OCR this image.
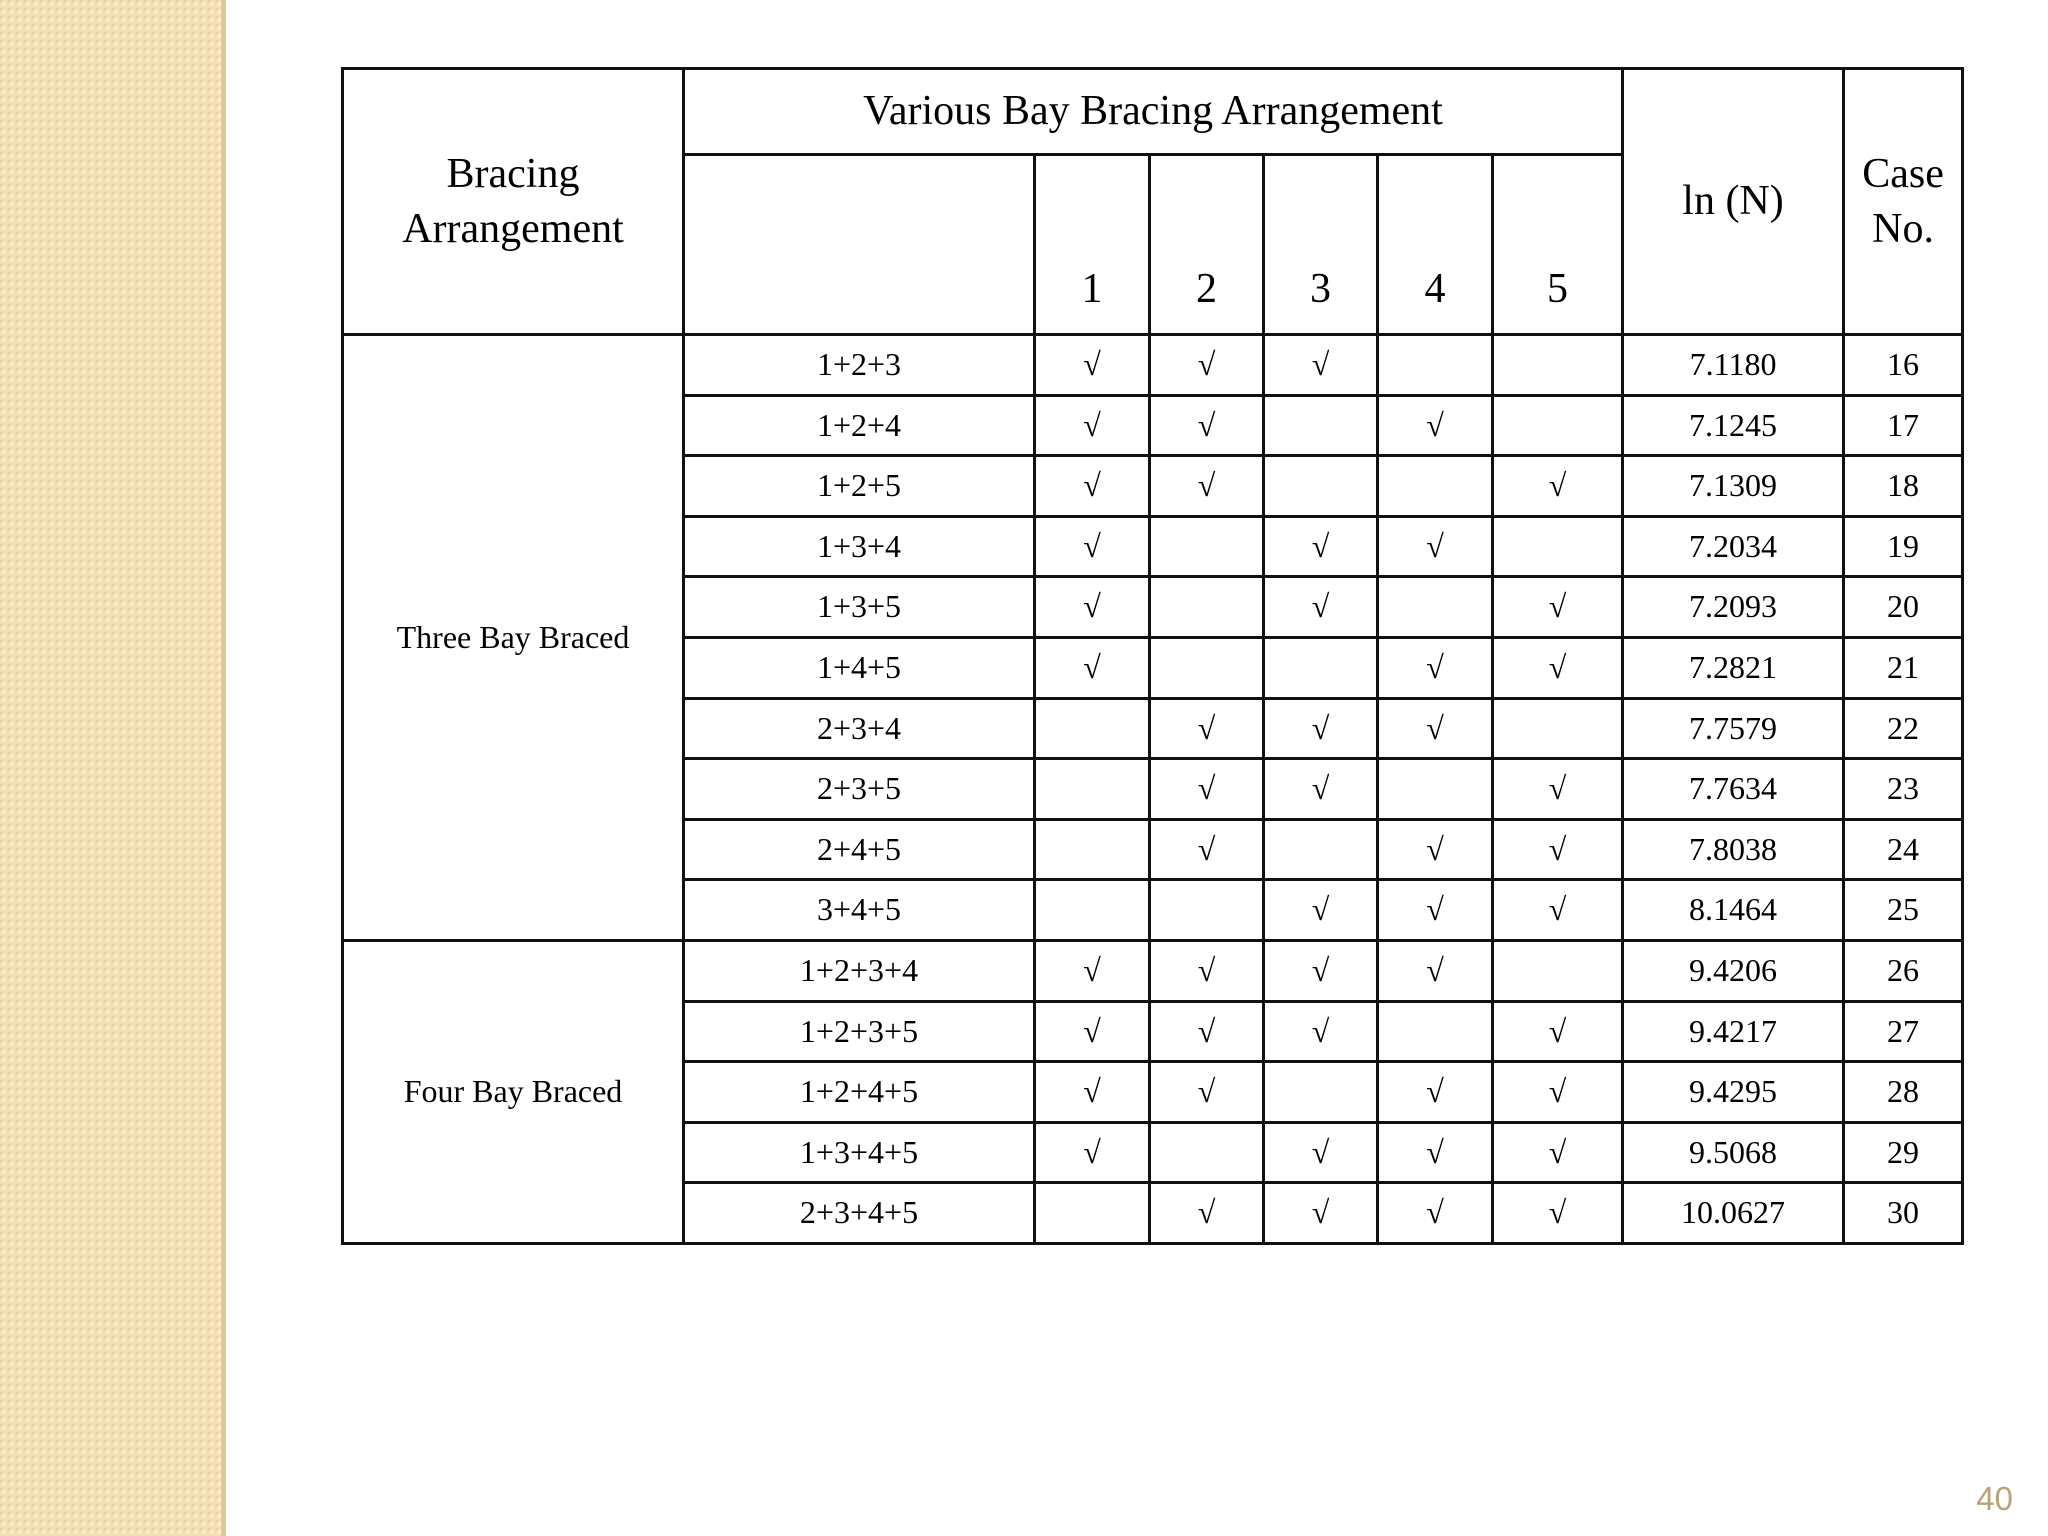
Bracing
Arrangement	Various Bay Bracing Arrangement						ln (N)	Case
No.
		1	2	3	4	5		
Three Bay Braced	1+2+3	√	√	√			7.1180	16
	1+2+4	√	√		√		7.1245	17
	1+2+5	√	√			√	7.1309	18
	1+3+4	√		√	√		7.2034	19
	1+3+5	√		√		√	7.2093	20
	1+4+5	√			√	√	7.2821	21
	2+3+4		√	√	√		7.7579	22
	2+3+5		√	√		√	7.7634	23
	2+4+5		√		√	√	7.8038	24
	3+4+5			√	√	√	8.1464	25
Four Bay Braced	1+2+3+4	√	√	√	√		9.4206	26
	1+2+3+5	√	√	√		√	9.4217	27
	1+2+4+5	√	√		√	√	9.4295	28
	1+3+4+5	√		√	√	√	9.5068	29
	2+3+4+5		√	√	√	√	10.0627	30
40
